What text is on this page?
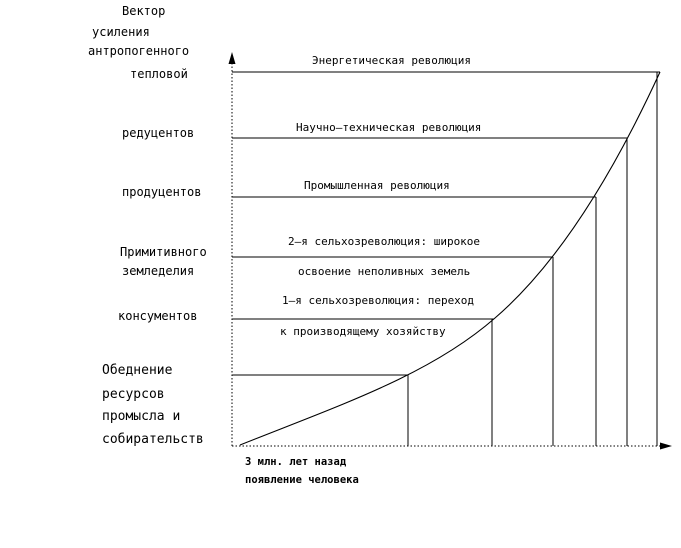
Вектор
усиления
антропогенного
тепловой
редуцентов
продуцентов
Примитивного
земледелия
консументов
Обеднение
ресурсов
промысла и
собирательств
Энергетическая революция
Научно–техническая революция
Промышленная революция
2–я сельхозреволюция: широкое
освоение неполивных земель
1–я сельхозреволюция: переход
к производящему хозяйству
3 млн. лет назад
появление человека
